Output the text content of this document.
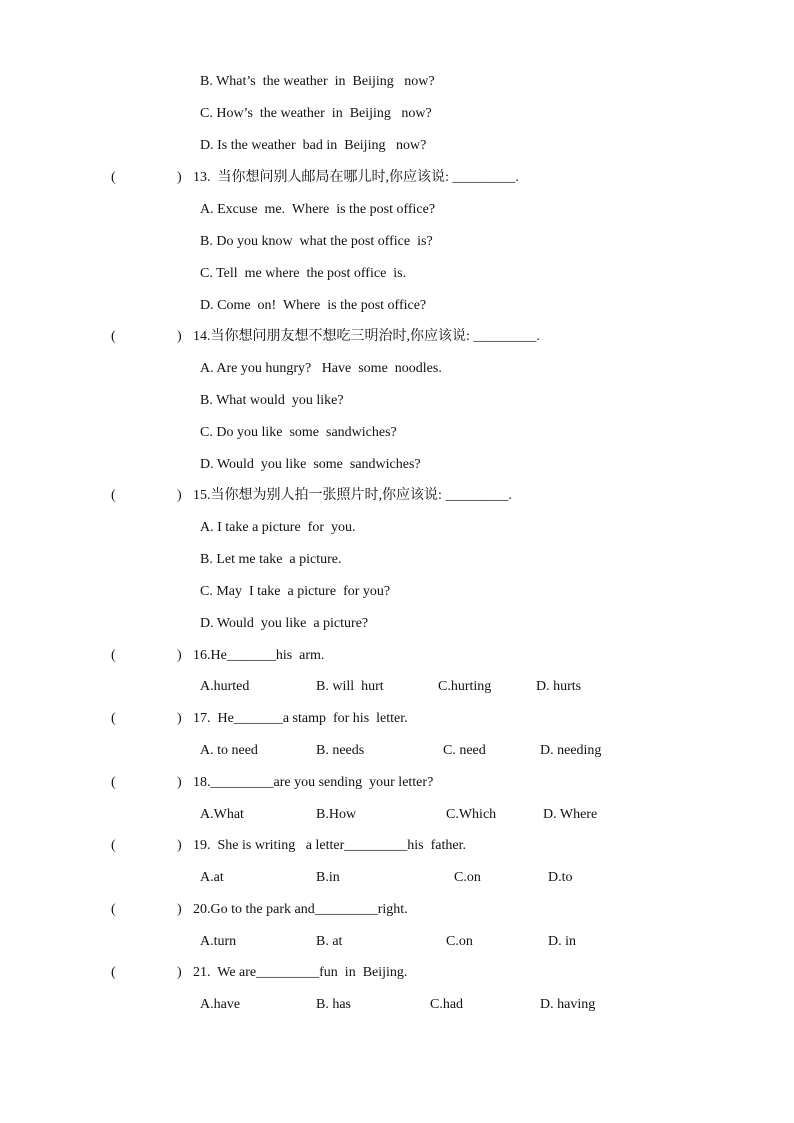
B. What’s  the weather  in  Beijing   now?
C. How’s  the weather  in  Beijing   now?
D. Is the weather  bad in  Beijing   now?
(	) 13.  当你想问别人邮局在哪儿时,你应该说: _________.
A. Excuse  me.  Where  is the post office?
B. Do you know  what the post office  is?
C. Tell  me where  the post office  is.
D. Come  on!  Where  is the post office?
(	) 14.当你想问朋友想不想吃三明治时,你应该说: _________.
A. Are you hungry?   Have  some  noodles.
B. What would  you like?
C. Do you like  some  sandwiches?
D. Would  you like  some  sandwiches?
(	) 15.当你想为别人拍一张照片时,你应该说: _________.
A. I take a picture  for  you.
B. Let me take  a picture.
C. May  I take  a picture  for you?
D. Would  you like  a picture?
(	) 16.He_______his  arm.
A.hurted	B. will  hurt	C.hurting	D. hurts
(	) 17.  He_______a stamp  for his  letter.
A. to need	B. needs	C. need	D. needing
(	) 18._________are you sending  your letter?
A.What	B.How	C.Which	D. Where
(	) 19.  She is writing   a letter_________his  father.
A.at	B.in	C.on	D.to
(	) 20.Go to the park and_________right.
A.turn	B. at	C.on	D. in
(	) 21.  We are_________fun  in  Beijing.
A.have	B. has	C.had	D. having
